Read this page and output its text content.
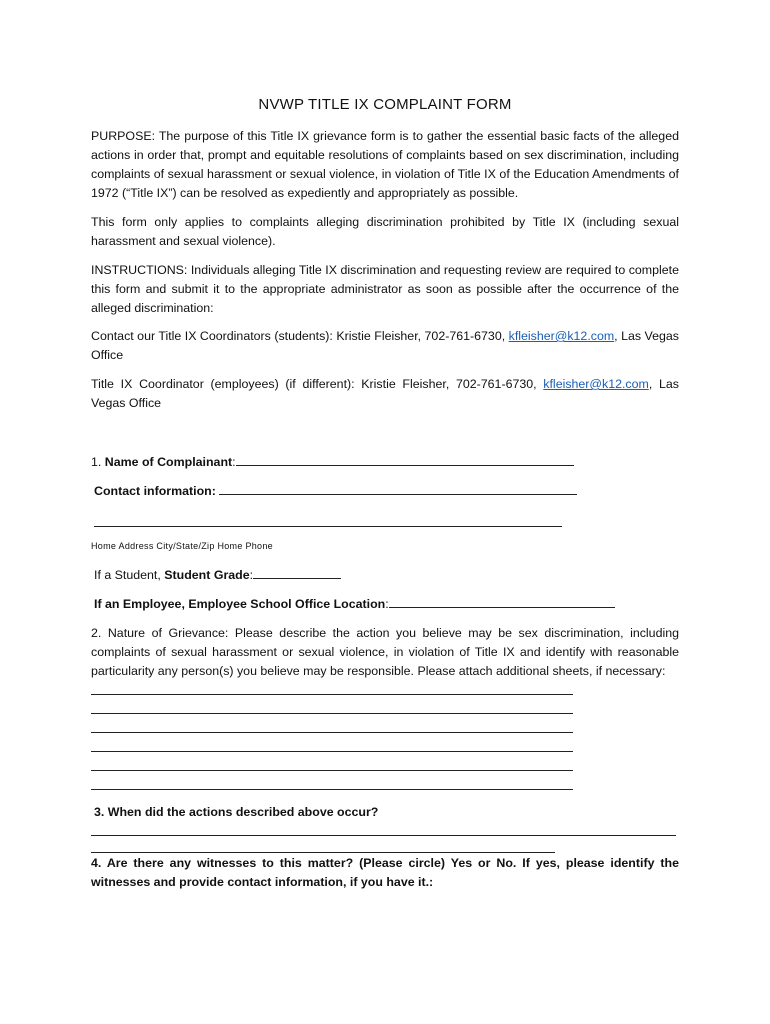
NVWP TITLE IX COMPLAINT FORM
PURPOSE: The purpose of this Title IX grievance form is to gather the essential basic facts of the alleged actions in order that, prompt and equitable resolutions of complaints based on sex discrimination, including complaints of sexual harassment or sexual violence, in violation of Title IX of the Education Amendments of 1972 (“Title IX”) can be resolved as expediently and appropriately as possible.
This form only applies to complaints alleging discrimination prohibited by Title IX (including sexual harassment and sexual violence).
INSTRUCTIONS: Individuals alleging Title IX discrimination and requesting review are required to complete this form and submit it to the appropriate administrator as soon as possible after the occurrence of the alleged discrimination:
Contact our Title IX Coordinators (students): Kristie Fleisher, 702-761-6730, kfleisher@k12.com, Las Vegas Office
Title IX Coordinator (employees) (if different): Kristie Fleisher, 702-761-6730, kfleisher@k12.com, Las Vegas Office
1. Name of Complainant:
Contact information:
Home Address City/State/Zip Home Phone
If a Student, Student Grade:
If an Employee, Employee School Office Location:
2. Nature of Grievance: Please describe the action you believe may be sex discrimination, including complaints of sexual harassment or sexual violence, in violation of Title IX and identify with reasonable particularity any person(s) you believe may be responsible. Please attach additional sheets, if necessary:
3. When did the actions described above occur?
4. Are there any witnesses to this matter? (Please circle) Yes or No. If yes, please identify the witnesses and provide contact information, if you have it.:
